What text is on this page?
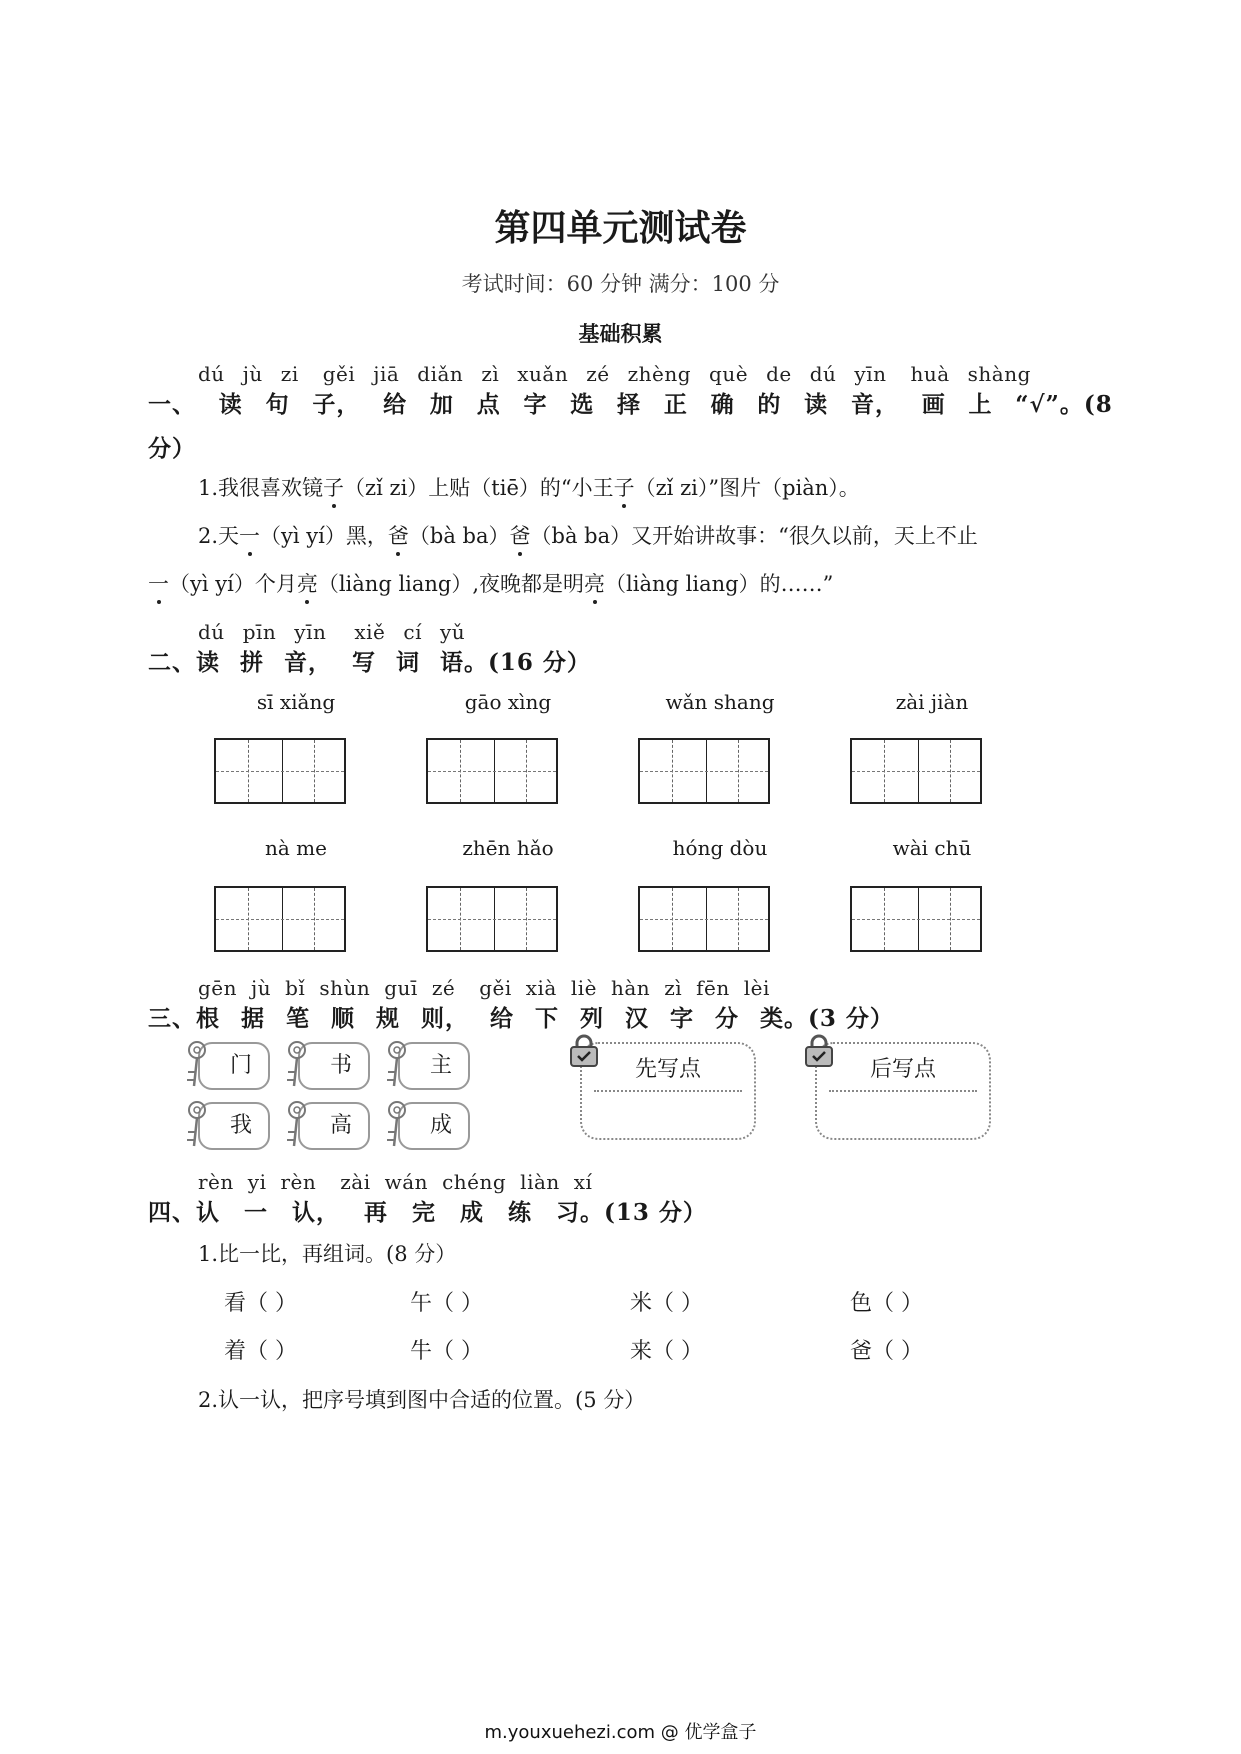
第四单元测试卷
考试时间：60 分钟 满分：100 分
基础积累
dú jù zi gěi jiā diǎn zì xuǎn zé zhèng què de dú yīn huà shàng
一、 读 句 子， 给 加 点 字 选 择 正 确 的 读 音， 画 上 “√”。(8
分）
1.我很喜欢镜子（zǐ zi）上贴（tiē）的“小王子（zǐ zi）”图片（piàn）。
2.天一（yì yí）黑，爸（bà ba）爸（bà ba）又开始讲故事：“很久以前，天上不止
一（yì yí）个月亮（liàng liang）,夜晚都是明亮（liàng liang）的……”
dú pīn yīn xiě cí yǔ
二、 读 拼 音， 写 词 语。(16 分）
sī xiǎng	gāo xìng	wǎn shang	zài jiàn
nà me	zhēn hǎo	hóng dòu	wài chū
gēn jù bǐ shùn guī zé gěi xià liè hàn zì fēn lèi
三、 根 据 笔 顺 规 则， 给 下 列 汉 字 分 类。(3 分）
门	书	主
我	高	成
先写点	后写点
rèn yi rèn zài wán chéng liàn xí
四、 认 一 认， 再 完 成 练 习。(13 分）
1.比一比，再组词。(8 分）
看（ ）	午（ ）	米（ ）	色（ ）
着（ ）	牛（ ）	来（ ）	爸（ ）
2.认一认，把序号填到图中合适的位置。(5 分）
m.youxuehezi.com @ 优学盒子
